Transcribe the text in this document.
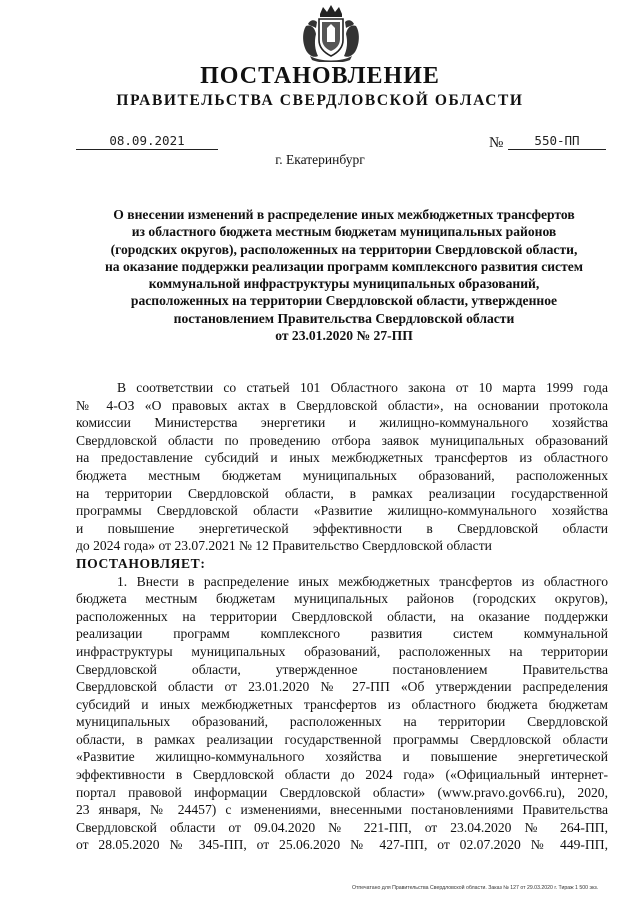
ПОСТАНОВЛЕНИЕ
ПРАВИТЕЛЬСТВА СВЕРДЛОВСКОЙ ОБЛАСТИ
08.09.2021	№	550-ПП
г. Екатеринбург
О внесении изменений в распределение иных межбюджетных трансфертов
из областного бюджета местным бюджетам муниципальных районов
(городских округов), расположенных на территории Свердловской области,
на оказание поддержки реализации программ комплексного развития систем
коммунальной инфраструктуры муниципальных образований,
расположенных на территории Свердловской области, утвержденное
постановлением Правительства Свердловской области
от 23.01.2020 № 27-ПП
В соответствии со статьей 101 Областного закона от 10 марта 1999 года
№ 4-ОЗ «О правовых актах в Свердловской области», на основании протокола
комиссии Министерства энергетики и жилищно-коммунального хозяйства
Свердловской области по проведению отбора заявок муниципальных образований
на предоставление субсидий и иных межбюджетных трансфертов из областного
бюджета местным бюджетам муниципальных образований, расположенных
на территории Свердловской области, в рамках реализации государственной
программы Свердловской области «Развитие жилищно-коммунального хозяйства
и повышение энергетической эффективности в Свердловской области
до 2024 года» от 23.07.2021 № 12 Правительство Свердловской области
ПОСТАНОВЛЯЕТ:
1. Внести в распределение иных межбюджетных трансфертов из областного
бюджета местным бюджетам муниципальных районов (городских округов),
расположенных на территории Свердловской области, на оказание поддержки
реализации программ комплексного развития систем коммунальной
инфраструктуры муниципальных образований, расположенных на территории
Свердловской области, утвержденное постановлением Правительства
Свердловской области от 23.01.2020 № 27-ПП «Об утверждении распределения
субсидий и иных межбюджетных трансфертов из областного бюджета бюджетам
муниципальных образований, расположенных на территории Свердловской
области, в рамках реализации государственной программы Свердловской области
«Развитие жилищно-коммунального хозяйства и повышение энергетической
эффективности в Свердловской области до 2024 года» («Официальный интернет-
портал правовой информации Свердловской области» (www.pravo.gov66.ru), 2020,
23 января, № 24457) с изменениями, внесенными постановлениями Правительства
Свердловской области от 09.04.2020 № 221-ПП, от 23.04.2020 № 264-ПП,
от 28.05.2020 № 345-ПП, от 25.06.2020 № 427-ПП, от 02.07.2020 № 449-ПП,
Отпечатано для Правительства Свердловской области. Заказ № 127 от 29.03.2020 г. Тираж 1 500 экз.
